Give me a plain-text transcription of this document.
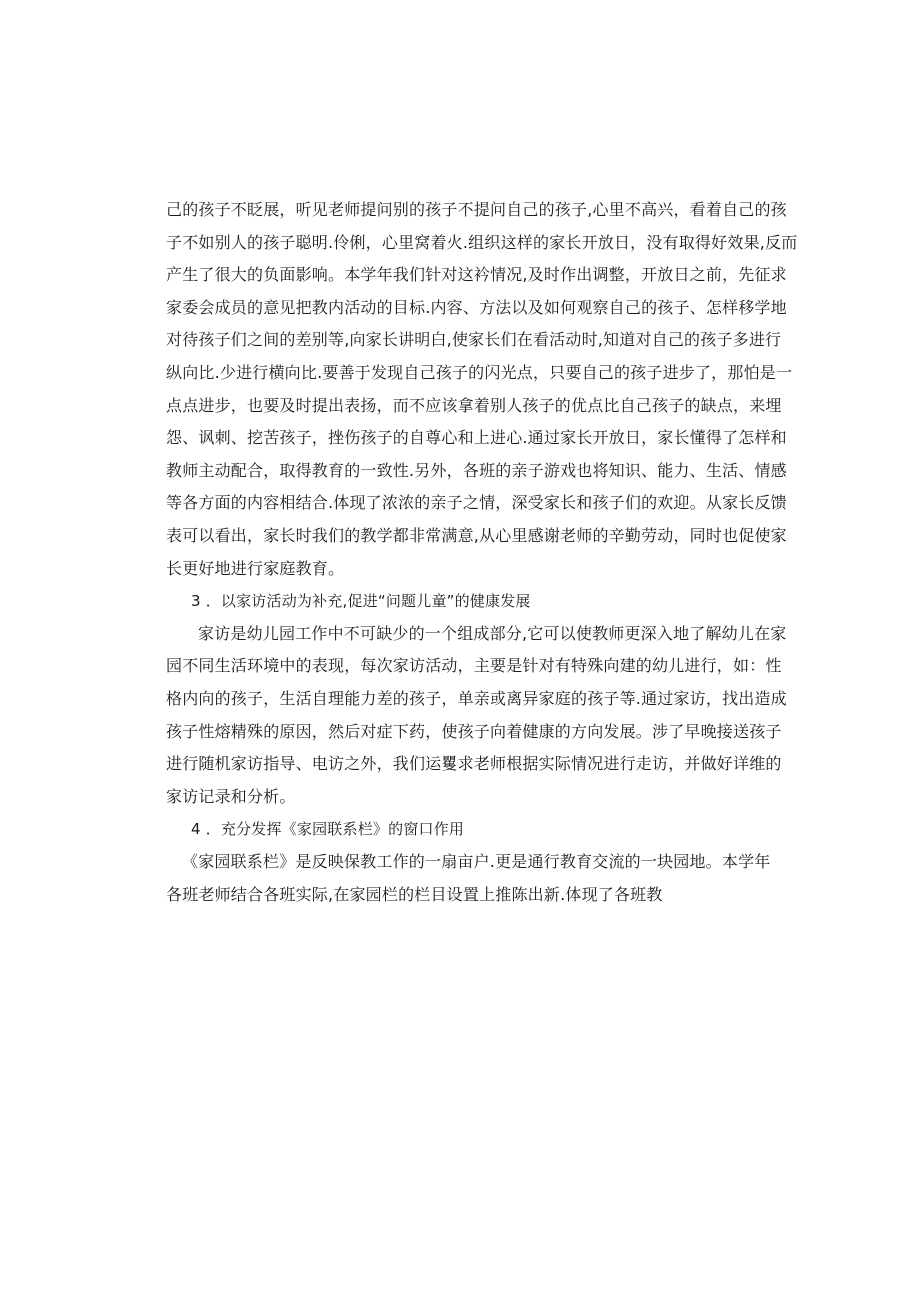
己的孩子不眨展，听见老师提问别的孩子不提问自己的孩子,心里不高兴，看着自己的孩
子不如别人的孩子聪明.伶俐，心里窝着火.组织这样的家长开放日，没有取得好效果,反而
产生了很大的负面影响。本学年我们针对这衿情况,及时作出调整，开放日之前，先征求
家委会成员的意见把教内活动的目标.内容、方法以及如何观察自己的孩子、怎样移学地
对待孩子们之间的差别等,向家长讲明白,使家长们在看活动时,知道对自己的孩子多进行
纵向比.少进行横向比.要善于发现自己孩子的闪光点，只要自己的孩子进步了，那怕是一
点点进步，也要及时提出表扬，而不应该拿着别人孩子的优点比自己孩子的缺点，来埋
怨、讽刺、挖苦孩子，挫伤孩子的自尊心和上进心.通过家长开放日，家长懂得了怎样和
教师主动配合，取得教育的一致性.另外，各班的亲子游戏也将知识、能力、生活、情感
等各方面的内容相结合.体现了浓浓的亲子之情，深受家长和孩子们的欢迎。从家长反馈
表可以看出，家长时我们的教学都非常满意,从心里感谢老师的辛勤劳动，同时也促使家
长更好地进行家庭教育。
3 ．以家访活动为补充,促进“问题儿童”的健康发展
家访是幼儿园工作中不可缺少的一个组成部分,它可以使教师更深入地了解幼儿在家
园不同生活环境中的表现，每次家访活动，主要是针对有特殊向建的幼儿进行，如：性
格内向的孩子，生活自理能力差的孩子，单亲或离异家庭的孩子等.通过家访，找出造成
孩子性熔精殊的原因，然后对症下药，使孩子向着健康的方向发展。涉了早晚接送孩子
进行随机家访指导、电访之外，我们运矍求老师根据实际情况进行走访，并做好详维的
家访记录和分析。
4 ．充分发挥《家园联系栏》的窗口作用
《家园联系栏》是反映保教工作的一扇亩户.更是通行教育交流的一块园地。本学年
各班老师结合各班实际,在家园栏的栏目设置上推陈出新.体现了各班教
